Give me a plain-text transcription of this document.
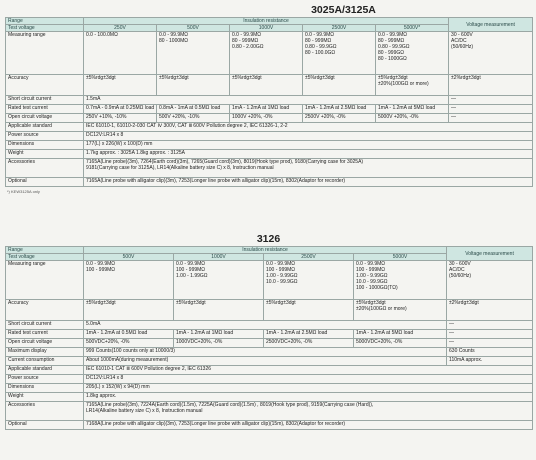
3025A/3125A
Range	Insulation resistance					Voltage measurement
Test voltage	250V	500V	1000V	2500V	5000V*	
Measuring range	0.0 - 100.0MΩ	0.0 - 99.9MΩ
80 - 1000MΩ	0.0 - 99.9MΩ
80 - 999MΩ
0.80 - 2.00GΩ	0.0 - 99.9MΩ
80 - 999MΩ
0.80 - 99.9GΩ
80 - 100.0GΩ	0.0 - 99.9MΩ
80 - 999MΩ
0.80 - 99.9GΩ
80 - 999GΩ
80 - 1000GΩ	30 - 600V
AC/DC
(50/60Hz)
Accuracy	±5%rdg±3dgt	±5%rdg±3dgt	±5%rdg±3dgt	±5%rdg±3dgt	±5%rdg±3dgt
±20%(100GΩ or more)	±2%rdg±3dgt
Short circuit current	1.5mA					—
Rated test current	0.7mA - 0.9mA at 0.25MΩ load	0.8mA - 1mA at 0.5MΩ load	1mA - 1.2mA at 1MΩ load	1mA - 1.2mA at 2.5MΩ load	1mA - 1.2mA at 5MΩ load	—
Open circuit voltage	250V +10%, -10%	500V +20%, -10%	1000V +20%, -0%	2500V +20%, -0%	5000V +20%, -0%	—
Applicable standard	IEC 61010-1, 61010-2-030 CAT Ⅳ 300V, CAT Ⅲ 600V Pollution degree 2, IEC 61326-1, 2-2					
Power source	DC12V:LR14 x 8					
Dimensions	177(L) x 226(W) x 100(D) mm					
Weight	1.7kg approx. : 3025A 1.8kg approx. : 3125A					
Accessories	7165A(Line probe)(3m), 7264(Earth cord)(3m), 7265(Guard cord)(3m), 8019(Hook type prod), 9180(Carrying case for 3025A)
9181(Carrying case for 3125A), LR14(Alkaline battery size C) x 8, Instruction manual					
Optional	7165A(Line probe with alligator clip)(3m), 7253(Longer line probe with alligator clip)(15m), 8302(Adaptor for recorder)					
*) KEW3125A only
3126
Range	Insulation resistance				Voltage measurement
Test voltage	500V	1000V	2500V	5000V	
Measuring range	0.0 - 99.9MΩ
100 - 999MΩ	0.0 - 99.9MΩ
100 - 999MΩ
1.00 - 1.99GΩ	0.0 - 99.9MΩ
100 - 999MΩ
1.00 - 9.99GΩ
10.0 - 99.9GΩ	0.0 - 99.9MΩ
100 - 999MΩ
1.00 - 9.99GΩ
10.0 - 99.9GΩ
100 - 1000GΩ(TΩ)	30 - 600V
AC/DC
(50/60Hz)
Accuracy	±5%rdg±3dgt	±5%rdg±3dgt	±5%rdg±3dgt	±5%rdg±3dgt
±20%(100GΩ or more)	±2%rdg±3dgt
Short circuit current	5.0mA				—
Rated test current	1mA - 1.2mA at 0.5MΩ load	1mA - 1.2mA at 1MΩ load	1mA - 1.2mA at 2.5MΩ load	1mA - 1.2mA at 5MΩ load	—
Open circuit voltage	500VDC+20%, -0%	1000VDC+20%, -0%	2500VDC+20%, -0%	5000VDC+20%, -0%	—
Maximum display	999 Counts(100 counts only at 10000/3)				630 Counts
Current consumption	About 1000mA(during measurement)				110mA approx.
Applicable standard	IEC 61010-1 CAT Ⅲ 600V Pollution degree 2, IEC 61326				
Power source	DC12V:LR14 x 8				
Dimensions	205(L) x 152(W) x 94(D) mm				
Weight	1.8kg approx.				
Accessories	7165A(Line probe)(3m), 7224A(Earth cord)(1.5m), 7225A(Guard cord)(1.5m) , 8019(Hook type prod), 9159(Carrying case (Hard)),
LR14(Alkaline battery size C) x 8, Instruction manual				
Optional	7168A(Line probe with alligator clip)(3m), 7253(Longer line probe with alligator clip)(15m), 8302(Adaptor for recorder)				
